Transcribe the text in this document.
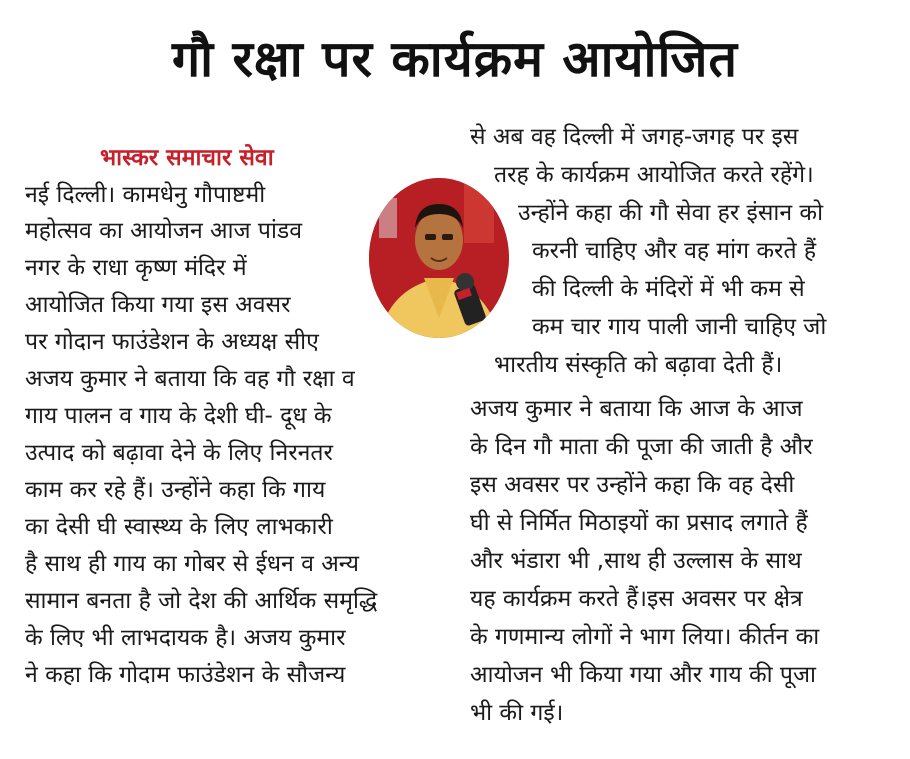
गौ रक्षा पर कार्यक्रम आयोजित
भास्कर समाचार सेवा
नई दिल्ली। कामधेनु गौपाष्टमी
महोत्सव का आयोजन आज पांडव
नगर के राधा कृष्ण मंदिर में
आयोजित किया गया इस अवसर
पर गोदान फाउंडेशन के अध्यक्ष सीए
अजय कुमार ने बताया कि वह गौ रक्षा व
गाय पालन व गाय के देशी घी- दूध के
उत्पाद को बढ़ावा देने के लिए निरनतर
काम कर रहे हैं। उन्होंने कहा कि गाय
का देसी घी स्वास्थ्य के लिए लाभकारी
है साथ ही गाय का गोबर से ईधन व अन्य
सामान बनता है जो देश की आर्थिक समृद्धि
के लिए भी लाभदायक है। अजय कुमार
ने कहा कि गोदाम फाउंडेशन के सौजन्य
से अब वह दिल्ली में जगह-जगह पर इस
तरह के कार्यक्रम आयोजित करते रहेंगे।
उन्होंने कहा की गौ सेवा हर इंसान को
करनी चाहिए और वह मांग करते हैं
की दिल्ली के मंदिरों में भी कम से
कम चार गाय पाली जानी चाहिए जो
भारतीय संस्कृति को बढ़ावा देती हैं।
अजय कुमार ने बताया कि आज के आज
के दिन गौ माता की पूजा की जाती है और
इस अवसर पर उन्होंने कहा कि वह देसी
घी से निर्मित मिठाइयों का प्रसाद लगाते हैं
और भंडारा भी ,साथ ही उल्लास के साथ
यह कार्यक्रम करते हैं।इस अवसर पर क्षेत्र
के गणमान्य लोगों ने भाग लिया। कीर्तन का
आयोजन भी किया गया और गाय की पूजा
भी की गई।
